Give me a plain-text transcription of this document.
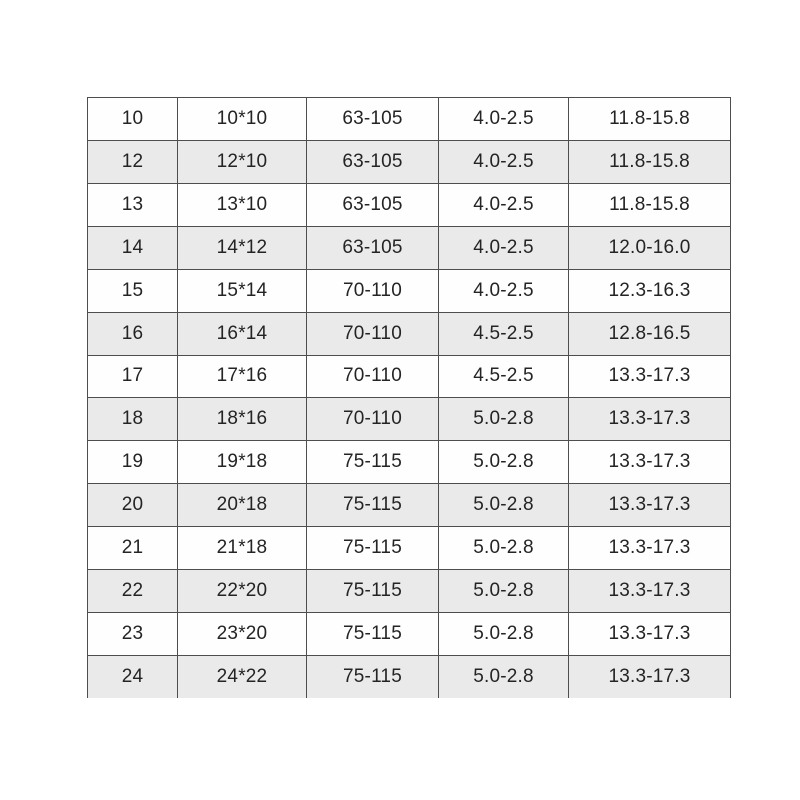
10	10*10	63-105	4.0-2.5	11.8-15.8
12	12*10	63-105	4.0-2.5	11.8-15.8
13	13*10	63-105	4.0-2.5	11.8-15.8
14	14*12	63-105	4.0-2.5	12.0-16.0
15	15*14	70-110	4.0-2.5	12.3-16.3
16	16*14	70-110	4.5-2.5	12.8-16.5
17	17*16	70-110	4.5-2.5	13.3-17.3
18	18*16	70-110	5.0-2.8	13.3-17.3
19	19*18	75-115	5.0-2.8	13.3-17.3
20	20*18	75-115	5.0-2.8	13.3-17.3
21	21*18	75-115	5.0-2.8	13.3-17.3
22	22*20	75-115	5.0-2.8	13.3-17.3
23	23*20	75-115	5.0-2.8	13.3-17.3
24	24*22	75-115	5.0-2.8	13.3-17.3
